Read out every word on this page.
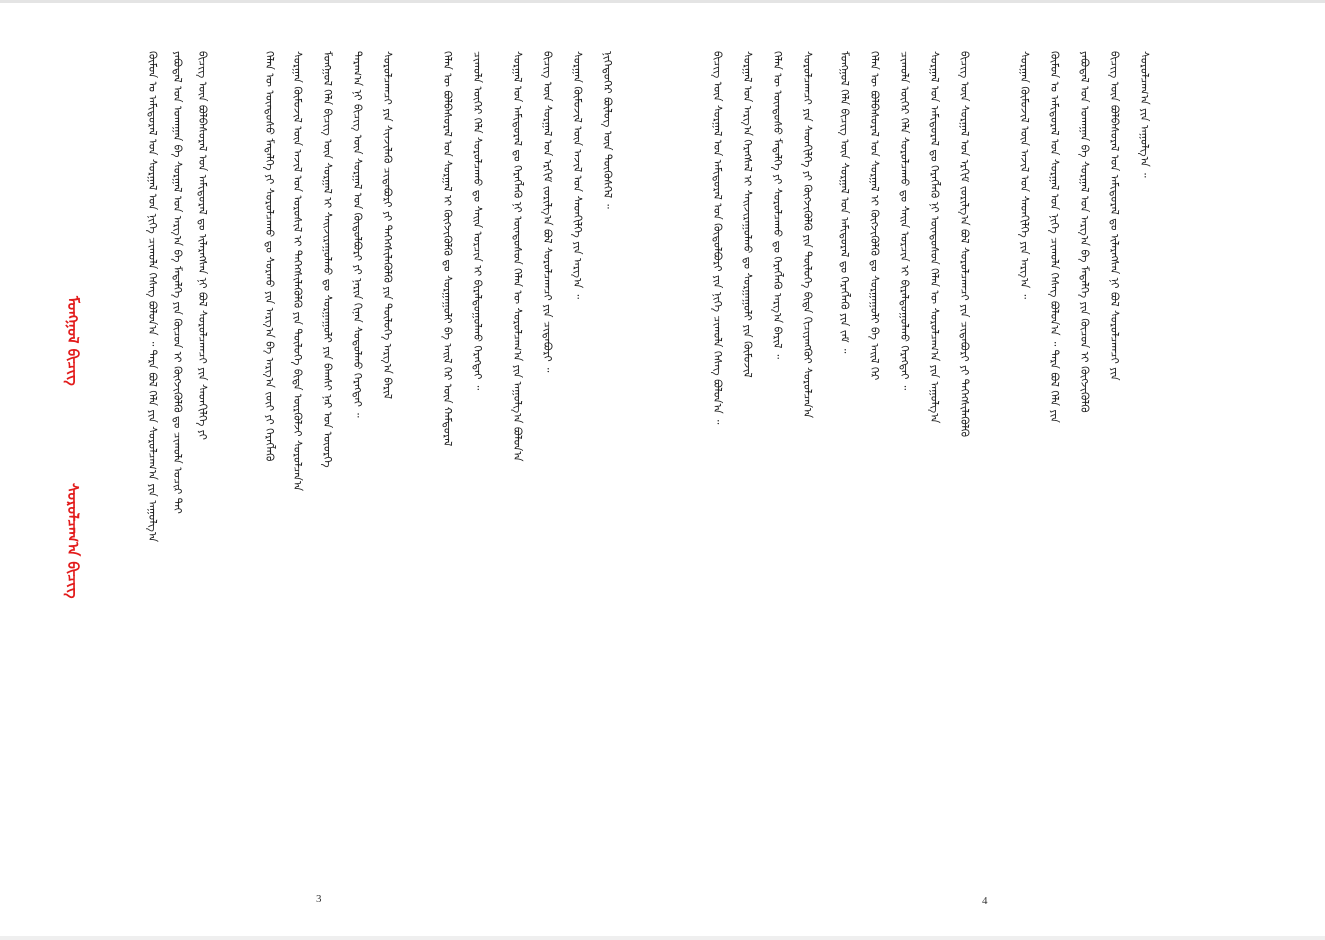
ᠮᠣᠩᠭᠣᠯ ᠪᠢᠴᠢᠭ
ᠰᠤᠷᠤᠯᠴᠠᠭ᠎ᠠ ᠪᠢᠴᠢᠭ	ᠬᠦᠮᠦᠨ ᠤ ᠠᠮᠢᠳᠤᠷᠠᠯ ᠤᠨ ᠰᠤᠷᠭᠠᠯ ᠤᠨ ᠨᠢᠭᠡ ᠴᠢᠬᠤᠯᠠ ᠬᠡᠰᠡᠭ ᠪᠣᠯᠤᠨ᠎ᠠ ᠃ ᠲᠡᠷᠡ ᠪᠣᠯ ᠬᠡᠯᠡ ᠶᠢᠨ ᠰᠤᠷᠤᠯᠴᠠᠭ᠎ᠠ ᠶᠢᠨ ᠠᠭᠤᠯᠭ᠎ᠠ ᠶᠠᠪᠤᠳᠠᠯ ᠤᠨ ᠤᠬᠠᠭᠠᠨ ᠪᠠ ᠰᠤᠷᠭᠠᠯ ᠤᠨ ᠠᠷᠭ᠎ᠠ ᠪᠠ ᠮᠡᠳᠡᠯᠭᠡ ᠶᠢᠨ ᠬᠦᠴᠦᠨ ᠢ ᠬᠦᠭᠵᠢᠭᠦᠯᠬᠦ ᠳᠤ ᠴᠢᠬᠤᠯᠠ ᠤᠴᠢᠷ ᠲᠠᠢ ᠪᠢᠴᠢᠭ ᠦᠨ ᠪᠣᠯᠪᠠᠰᠤᠷᠠᠯ ᠤᠨ ᠠᠮᠢᠳᠤᠷᠠᠯ ᠳᠤ ᠢᠯᠡᠷᠡᠭᠰᠡᠨ ᠨᠢ ᠪᠣᠯ ᠰᠤᠷᠤᠯᠴᠠᠭᠴᠢ ᠶᠢᠨ ᠰᠡᠳᠬᠢᠯᠭᠡ ᠶᠢ	ᠬᠡᠯᠡᠨ ᠦ ᠦᠨᠳᠦᠰᠦ ᠮᠡᠳᠡᠯᠭᠡ ᠶᠢ ᠰᠤᠷᠤᠯᠴᠠᠬᠤ ᠳᠤ ᠰᠤᠷᠬᠤ ᠶᠢᠨ ᠠᠷᠭ᠎ᠠ ᠪᠠ ᠠᠷᠭ᠎ᠠ ᠵᠦᠢ ᠶᠢ ᠬᠡᠷᠡᠭᠯᠡᠬᠦ ᠰᠤᠷᠭᠠᠨ ᠬᠦᠮᠦᠵᠢᠯ ᠦᠨ ᠠᠵᠢᠯ ᠤᠨ ᠤᠷᠤᠰᠢᠯ ᠢ ᠳᠡᠭᠡᠭᠰᠢᠯᠡᠭᠦᠯᠬᠦ ᠶᠢᠨ ᠲᠥᠯᠥᠭᠡ ᠪᠢᠳᠡ ᠦᠷᠭᠦᠯᠵᠢ ᠰᠤᠷᠤᠯᠴᠠᠨ᠎ᠠ ᠮᠣᠩᠭᠣᠯ ᠬᠡᠯᠡ ᠪᠢᠴᠢᠭ ᠦᠨ ᠰᠤᠷᠭᠠᠯ ᠢ ᠰᠠᠢᠵᠢᠷᠠᠭᠤᠯᠬᠤ ᠳᠤ ᠰᠤᠷᠭᠠᠭᠤᠯᠢ ᠶᠢᠨ ᠪᠠᠭᠰᠢ ᠨᠠᠷ ᠤᠨ ᠦᠦᠷᠭᠡ ᠳᠠᠷᠠᠭ᠎ᠠ ᠨᠢ ᠪᠢᠴᠢᠭ ᠦᠨ ᠰᠤᠷᠭᠠᠯ ᠤᠨ ᠬᠥᠲᠦᠯᠪᠦᠷᠢ ᠶᠢ ᠨᠠᠷᠢᠨ ᠬᠢᠨᠠᠨ ᠰᠤᠳᠤᠯᠬᠤ ᠬᠡᠷᠡᠭᠲᠡᠢ ᠃ ᠰᠤᠷᠤᠯᠴᠠᠭᠴᠢ ᠶᠢᠨ ᠰᠢᠨᠵᠢᠯᠡᠬᠦ ᠴᠢᠳᠠᠪᠤᠷᠢ ᠶᠢ ᠳᠡᠭᠡᠭᠰᠢᠯᠡᠭᠦᠯᠬᠦ ᠶᠢᠨ ᠲᠥᠯᠥᠭᠡ ᠠᠷᠭ᠎ᠠ ᠪᠠᠷᠢᠯ	ᠬᠡᠯᠡᠨ ᠦ ᠪᠣᠯᠪᠠᠰᠤᠷᠠᠯ ᠤᠨ ᠰᠤᠷᠭᠠᠯ ᠢ ᠬᠥᠭᠵᠢᠭᠦᠯᠬᠦ ᠳᠤ ᠰᠤᠷᠭᠠᠭᠤᠯᠢ ᠪᠠ ᠠᠢᠯ ᠭᠡᠷ ᠦᠨ ᠬᠠᠮᠲᠤᠷᠠᠯ ᠴᠢᠬᠤᠯᠠ ᠦᠬᠡᠷ ᠬᠡᠯᠡ ᠰᠤᠷᠤᠯᠴᠠᠬᠤ ᠳᠤ ᠰᠠᠢᠨ ᠣᠷᠴᠢᠨ ᠢ ᠪᠢᠷᠠᠯᠳᠤᠭᠤᠯᠬᠤ ᠬᠡᠷᠡᠭᠲᠡᠢ ᠃ ᠰᠤᠷᠭᠠᠯ ᠤᠨ ᠠᠮᠢᠳᠤᠷᠠᠯ ᠳᠤ ᠬᠡᠷᠡᠭᠯᠡᠬᠦ ᠨᠢ ᠦᠨᠳᠦᠰᠦᠨ ᠬᠡᠯᠡᠨ ᠦ ᠰᠤᠷᠤᠯᠴᠠᠭ᠎ᠠ ᠶᠢᠨ ᠠᠭᠤᠯᠭ᠎ᠠ ᠪᠣᠯᠤᠨ᠎ᠠ ᠪᠢᠴᠢᠭ ᠦᠨ ᠰᠤᠷᠭᠠᠯ ᠤᠨ ᠡᠷᠬᠢᠮ ᠵᠣᠷᠢᠯᠭ᠎ᠠ ᠪᠣᠯ ᠰᠤᠷᠤᠯᠴᠠᠭᠴᠢ ᠶᠢᠨ ᠴᠢᠳᠠᠪᠤᠷᠢ ᠃ ᠰᠤᠷᠭᠠᠨ ᠬᠦᠮᠦᠵᠢᠯ ᠦᠨ ᠠᠵᠢᠯ ᠤᠨ ᠰᠡᠳᠬᠢᠯᠭᠡ ᠶᠢᠨ ᠠᠷᠭ᠎ᠠ ᠃ ᠨᠢᠭᠡᠳᠦᠭᠡᠷ ᠪᠦᠯᠦᠭ ᠦᠨ ᠲᠥᠭᠦᠰᠭᠡᠯ ᠃
3
ᠪᠢᠴᠢᠭ ᠦᠨ ᠰᠤᠷᠭᠠᠯ ᠤᠨ ᠠᠮᠢᠳᠤᠷᠠᠯ ᠤᠨ ᠬᠥᠲᠦᠯᠪᠦᠷᠢ ᠶᠢᠨ ᠨᠢᠭᠡ ᠴᠢᠬᠤᠯᠠ ᠬᠡᠰᠡᠭ ᠪᠣᠯᠤᠨ᠎ᠠ ᠃ ᠰᠤᠷᠭᠠᠯ ᠤᠨ ᠠᠷᠭ᠎ᠠ ᠬᠡᠷᠡᠭᠰᠡᠯ ᠢ ᠰᠠᠢᠵᠢᠷᠠᠭᠤᠯᠬᠤ ᠳᠤ ᠰᠤᠷᠭᠠᠭᠤᠯᠢ ᠶᠢᠨ ᠬᠦᠮᠦᠵᠢᠯ ᠬᠡᠯᠡᠨ ᠦ ᠦᠨᠳᠦᠰᠦ ᠮᠡᠳᠡᠯᠭᠡ ᠶᠢ ᠰᠤᠷᠤᠯᠴᠠᠬᠤ ᠳᠤ ᠬᠡᠷᠡᠭᠯᠡᠬᠦ ᠠᠷᠭ᠎ᠠ ᠪᠠᠷᠢᠯ ᠃ ᠰᠤᠷᠤᠯᠴᠠᠭᠴᠢ ᠶᠢᠨ ᠰᠡᠳᠬᠢᠯᠭᠡ ᠶᠢ ᠬᠥᠭᠵᠢᠭᠦᠯᠬᠦ ᠶᠢᠨ ᠲᠥᠯᠥᠭᠡ ᠪᠢᠳᠡ ᠬᠢᠴᠢᠶᠡᠩᠭᠦᠢ ᠰᠤᠷᠤᠯᠴᠠᠨ᠎ᠠ ᠮᠣᠩᠭᠣᠯ ᠬᠡᠯᠡ ᠪᠢᠴᠢᠭ ᠦᠨ ᠰᠤᠷᠭᠠᠯ ᠤᠨ ᠠᠮᠢᠳᠤᠷᠠᠯ ᠳᠤ ᠬᠡᠷᠡᠭᠯᠡᠬᠦ ᠶᠢᠨ ᠵᠠᠮ ᠃ ᠬᠡᠯᠡᠨ ᠦ ᠪᠣᠯᠪᠠᠰᠤᠷᠠᠯ ᠤᠨ ᠰᠤᠷᠭᠠᠯ ᠢ ᠬᠥᠭᠵᠢᠭᠦᠯᠬᠦ ᠳᠤ ᠰᠤᠷᠭᠠᠭᠤᠯᠢ ᠪᠠ ᠠᠢᠯ ᠭᠡᠷ ᠴᠢᠬᠤᠯᠠ ᠦᠬᠡᠷ ᠬᠡᠯᠡ ᠰᠤᠷᠤᠯᠴᠠᠬᠤ ᠳᠤ ᠰᠠᠢᠨ ᠣᠷᠴᠢᠨ ᠢ ᠪᠢᠷᠠᠯᠳᠤᠭᠤᠯᠬᠤ ᠬᠡᠷᠡᠭᠲᠡᠢ ᠃ ᠰᠤᠷᠭᠠᠯ ᠤᠨ ᠠᠮᠢᠳᠤᠷᠠᠯ ᠳᠤ ᠬᠡᠷᠡᠭᠯᠡᠬᠦ ᠨᠢ ᠦᠨᠳᠦᠰᠦᠨ ᠬᠡᠯᠡᠨ ᠦ ᠰᠤᠷᠤᠯᠴᠠᠭ᠎ᠠ ᠶᠢᠨ ᠠᠭᠤᠯᠭ᠎ᠠ ᠪᠢᠴᠢᠭ ᠦᠨ ᠰᠤᠷᠭᠠᠯ ᠤᠨ ᠡᠷᠬᠢᠮ ᠵᠣᠷᠢᠯᠭ᠎ᠠ ᠪᠣᠯ ᠰᠤᠷᠤᠯᠴᠠᠭᠴᠢ ᠶᠢᠨ ᠴᠢᠳᠠᠪᠤᠷᠢ ᠶᠢ ᠳᠡᠭᠡᠭᠰᠢᠯᠡᠭᠦᠯᠬᠦ	ᠰᠤᠷᠭᠠᠨ ᠬᠦᠮᠦᠵᠢᠯ ᠦᠨ ᠠᠵᠢᠯ ᠤᠨ ᠰᠡᠳᠬᠢᠯᠭᠡ ᠶᠢᠨ ᠠᠷᠭ᠎ᠠ ᠃ ᠬᠦᠮᠦᠨ ᠤ ᠠᠮᠢᠳᠤᠷᠠᠯ ᠤᠨ ᠰᠤᠷᠭᠠᠯ ᠤᠨ ᠨᠢᠭᠡ ᠴᠢᠬᠤᠯᠠ ᠬᠡᠰᠡᠭ ᠪᠣᠯᠤᠨ᠎ᠠ ᠃ ᠲᠡᠷᠡ ᠪᠣᠯ ᠬᠡᠯᠡ ᠶᠢᠨ ᠶᠠᠪᠤᠳᠠᠯ ᠤᠨ ᠤᠬᠠᠭᠠᠨ ᠪᠠ ᠰᠤᠷᠭᠠᠯ ᠤᠨ ᠠᠷᠭ᠎ᠠ ᠪᠠ ᠮᠡᠳᠡᠯᠭᠡ ᠶᠢᠨ ᠬᠦᠴᠦᠨ ᠢ ᠬᠦᠭᠵᠢᠭᠦᠯᠬᠦ ᠪᠢᠴᠢᠭ ᠦᠨ ᠪᠣᠯᠪᠠᠰᠤᠷᠠᠯ ᠤᠨ ᠠᠮᠢᠳᠤᠷᠠᠯ ᠳᠤ ᠢᠯᠡᠷᠡᠭᠰᠡᠨ ᠨᠢ ᠪᠣᠯ ᠰᠤᠷᠤᠯᠴᠠᠭᠴᠢ ᠶᠢᠨ ᠰᠤᠷᠤᠯᠴᠠᠭ᠎ᠠ ᠶᠢᠨ ᠠᠭᠤᠯᠭ᠎ᠠ ᠃
4
